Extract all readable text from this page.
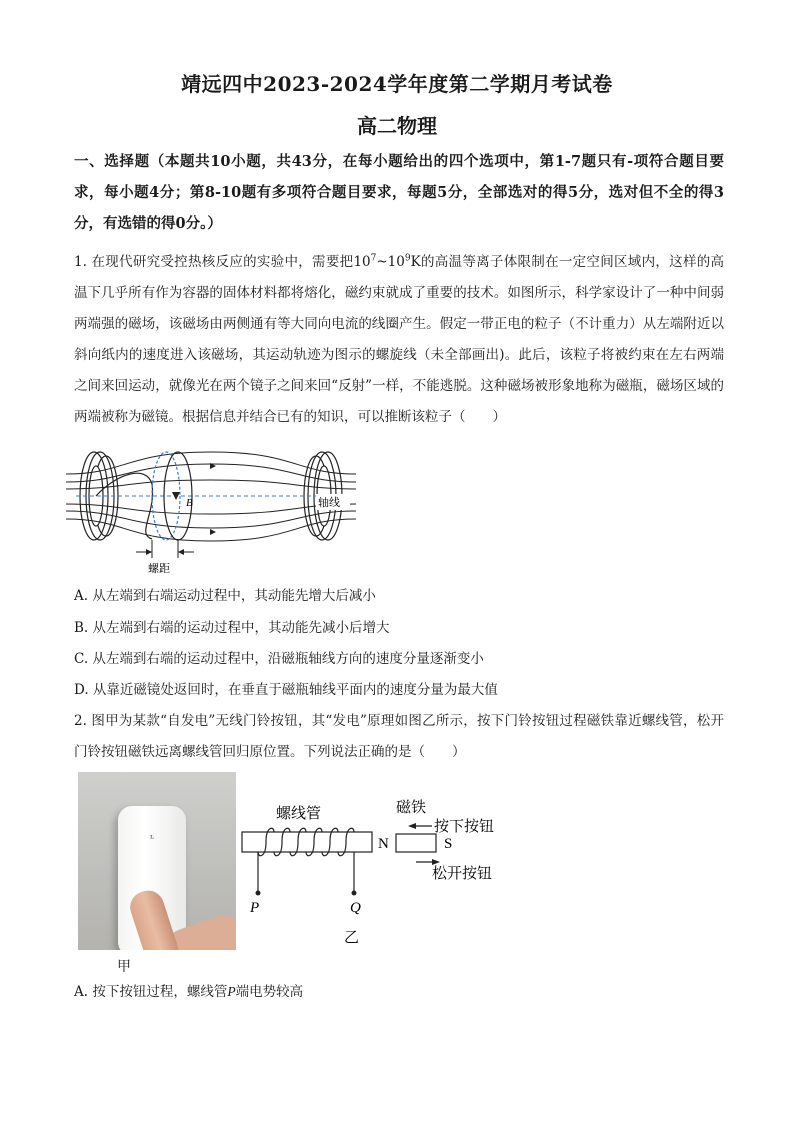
靖远四中2023-2024学年度第二学期月考试卷
高二物理
一、选择题（本题共10小题，共43分，在每小题给出的四个选项中，第1-7题只有-项符合题目要求，每小题4分；第8-10题有多项符合题目要求，每题5分，全部选对的得5分，选对但不全的得3分，有选错的得0分。）
1. 在现代研究受控热核反应的实验中，需要把$10^7\sim 10^9K$的高温等离子体限制在一定空间区域内，这样的高温下几乎所有作为容器的固体材料都将熔化，磁约束就成了重要的技术。如图所示，科学家设计了一种中间弱两端强的磁场，该磁场由两侧通有等大同向电流的线圈产生。假定一带正电的粒子（不计重力）从左端附近以斜向纸内的速度进入该磁场，其运动轨迹为图示的螺旋线（未全部画出)。此后，该粒子将被约束在左右两端之间来回运动，就像光在两个镜子之间来回“反射”一样，不能逃脱。这种磁场被形象地称为磁瓶，磁场区域的两端被称为磁镜。根据信息并结合已有的知识，可以推断该粒子（　　）
B	轴线
螺距
A. 从左端到右端运动过程中，其动能先增大后减小
B. 从左端到右端的运动过程中，其动能先减小后增大
C. 从左端到右端的运动过程中，沿磁瓶轴线方向的速度分量逐渐变小
D. 从靠近磁镜处返回时，在垂直于磁瓶轴线平面内的速度分量为最大值
2. 图甲为某款“自发电”无线门铃按钮，其“发电”原理如图乙所示，按下门铃按钮过程磁铁靠近螺线管，松开门铃按钮磁铁远离螺线管回归原位置。下列说法正确的是（　　）
ᶫ
甲
螺线管
P	Q
乙
N	S
磁铁
按下按钮
松开按钮
A. 按下按钮过程，螺线管P端电势较高
